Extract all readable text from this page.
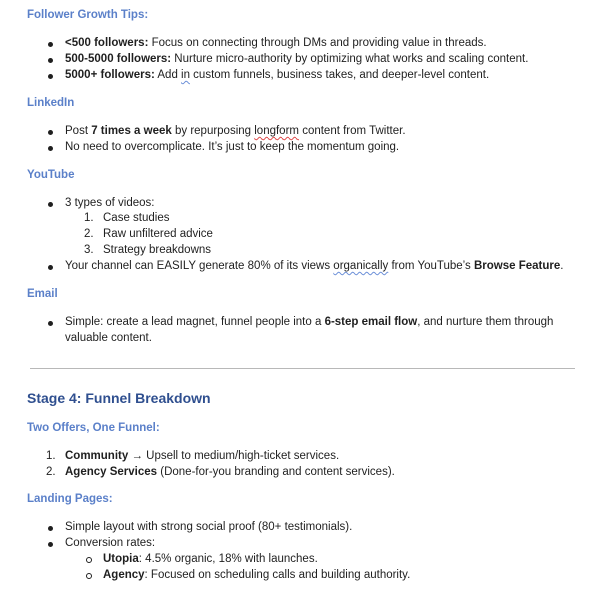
Follower Growth Tips:
<500 followers: Focus on connecting through DMs and providing value in threads.
500-5000 followers: Nurture micro-authority by optimizing what works and scaling content.
5000+ followers: Add in custom funnels, business takes, and deeper-level content.
LinkedIn
Post 7 times a week by repurposing longform content from Twitter.
No need to overcomplicate. It’s just to keep the momentum going.
YouTube
3 types of videos:
1. Case studies
2. Raw unfiltered advice
3. Strategy breakdowns
Your channel can EASILY generate 80% of its views organically from YouTube’s Browse Feature.
Email
Simple: create a lead magnet, funnel people into a 6-step email flow, and nurture them through
valuable content.
Stage 4: Funnel Breakdown
Two Offers, One Funnel:
1. Community → Upsell to medium/high-ticket services.
2. Agency Services (Done-for-you branding and content services).
Landing Pages:
Simple layout with strong social proof (80+ testimonials).
Conversion rates:
Utopia: 4.5% organic, 18% with launches.
Agency: Focused on scheduling calls and building authority.
